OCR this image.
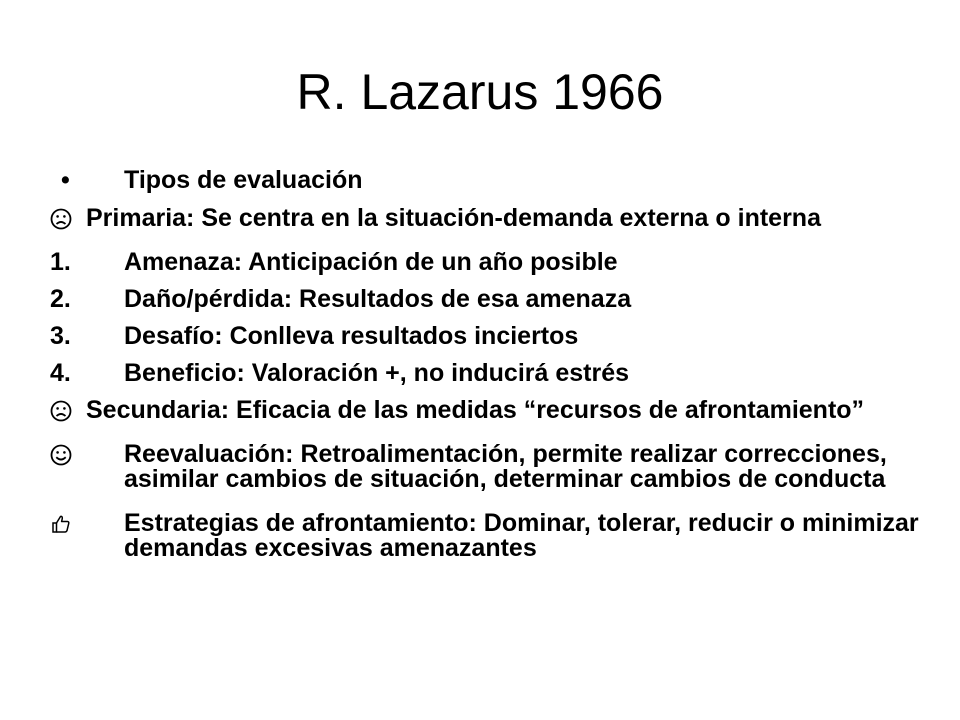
R. Lazarus 1966
• Tipos de evaluación
Primaria: Se centra en la situación-demanda externa o interna
1. Amenaza: Anticipación de un año posible
2. Daño/pérdida: Resultados de esa amenaza
3. Desafío: Conlleva resultados inciertos
4. Beneficio: Valoración +, no inducirá estrés
Secundaria: Eficacia de las medidas “recursos de afrontamiento”
Reevaluación: Retroalimentación, permite realizar correcciones, asimilar cambios de situación, determinar cambios de conducta
Estrategias de afrontamiento: Dominar, tolerar, reducir o minimizar demandas excesivas amenazantes
